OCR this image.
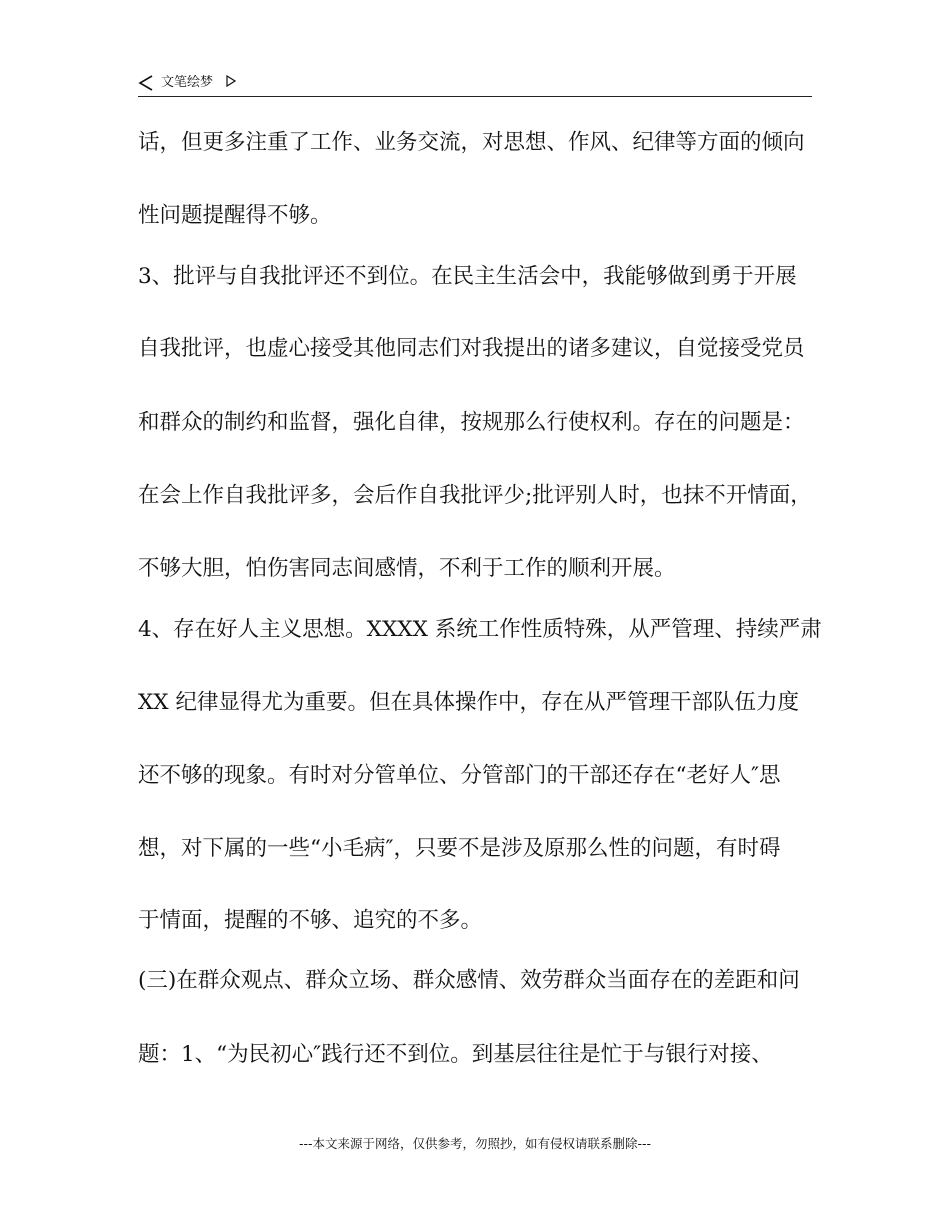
文笔绘梦
话，但更多注重了工作、业务交流，对思想、作风、纪律等方面的倾向
性问题提醒得不够。
3、批评与自我批评还不到位。在民主生活会中，我能够做到勇于开展
自我批评，也虚心接受其他同志们对我提出的诸多建议，自觉接受党员
和群众的制约和监督，强化自律，按规那么行使权利。存在的问题是：
在会上作自我批评多，会后作自我批评少;批评别人时，也抹不开情面，
不够大胆，怕伤害同志间感情，不利于工作的顺利开展。
4、存在好人主义思想。XXXX 系统工作性质特殊，从严管理、持续严肃
XX 纪律显得尤为重要。但在具体操作中，存在从严管理干部队伍力度
还不够的现象。有时对分管单位、分管部门的干部还存在“老好人″思
想，对下属的一些“小毛病″，只要不是涉及原那么性的问题，有时碍
于情面，提醒的不够、追究的不多。
(三)在群众观点、群众立场、群众感情、效劳群众当面存在的差距和问
题：1、“为民初心″践行还不到位。到基层往往是忙于与银行对接、
---本文来源于网络，仅供参考，勿照抄，如有侵权请联系删除---
